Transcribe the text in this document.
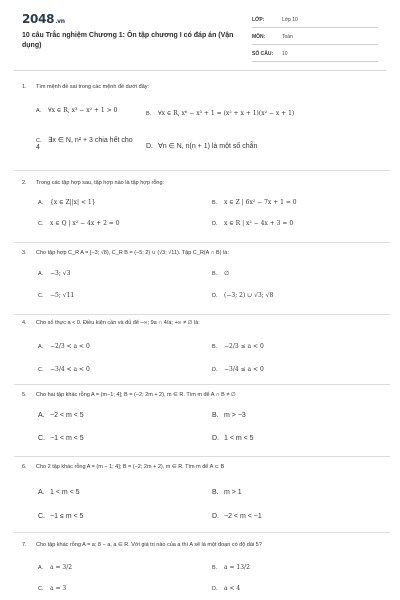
2048.vn
10 câu Trắc nghiệm Chương 1: Ôn tập chương I có đáp án (Vận dụng)
LỚP:	Lớp 10
MÔN:	Toán
SỐ CÂU: 10
1. Tìm mệnh đề sai trong các mệnh đề dưới đây:
A. ∀x ∈ R, x³ − x² + 1 > 0	B. ∀x ∈ R, x⁶ − x³ + 1 = (x² + x + 1)(x² − x + 1)
C. ∃x ∈ N, n² + 3 chia hết cho 4	D. ∀n ∈ N, n(n + 1) là một số chẵn
2. Trong các tập hợp sau, tập hợp nào là tập hợp rỗng:
A. {x ∈ Z||x| < 1}	B. x ∈ Z | 6x² − 7x + 1 = 0
C. x ∈ Q | x² − 4x + 2 = 0	D. x ∈ R | x² − 4x + 3 = 0
3. Cho tập hợp C_R A = [−3; √8), C_R B = (−5; 2) ∪ (√3; √11). Tập C_R(A ∩ B) là:
A. −3; √3	B. ∅
C. −5; √11	D. (−3; 2) ∪ √3; √8
4. Cho số thực a < 0. Điều kiện cần và đủ để −∞; 9a ∩ 4/a; +∞ ≠ ∅ là:
A. −2/3 < a < 0	B. −2/3 ≤ a < 0
C. −3/4 < a < 0	D. −3/4 ≤ a < 0
5. Cho hai tập khác rỗng A = (m−1; 4]; B = (−2; 2m + 2), m ∈ R. Tìm m để A ∩ B ≠ ∅
A. −2 < m < 5	B. m > −3
C. −1 < m < 5	D. 1 < m < 5
6. Cho 2 tập khác rỗng A = (m − 1; 4]; B = (−2; 2m + 2), m ∈ R. Tìm m để A ⊂ B
A. 1 < m < 5	B. m > 1
C. −1 ≤ m < 5	D. −2 < m < −1
7. Cho tập khác rỗng A = a; 8 − a, a ∈ R. Với giá trị nào của a thì A sẽ là một đoạn có độ dài 5?
A. a = 3/2	B. a = 13/2
C. a = 3	D. a < 4
